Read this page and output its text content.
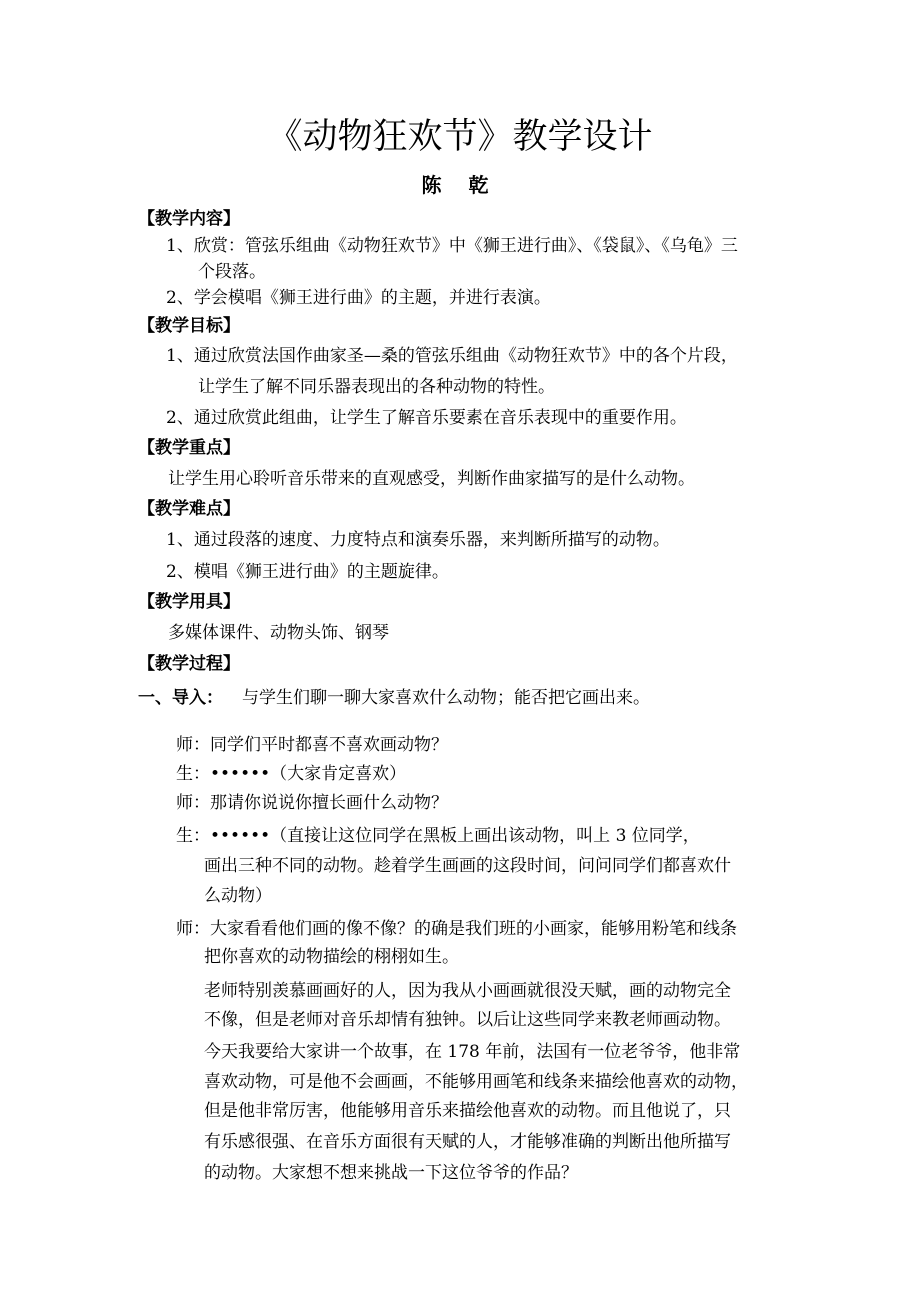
《动物狂欢节》教学设计
陈 乾
【教学内容】
1、欣赏：管弦乐组曲《动物狂欢节》中《狮王进行曲》、《袋鼠》、《乌龟》三
个段落。
2、学会模唱《狮王进行曲》的主题，并进行表演。
【教学目标】
1、通过欣赏法国作曲家圣—桑的管弦乐组曲《动物狂欢节》中的各个片段，
让学生了解不同乐器表现出的各种动物的特性。
2、通过欣赏此组曲，让学生了解音乐要素在音乐表现中的重要作用。
【教学重点】
让学生用心聆听音乐带来的直观感受，判断作曲家描写的是什么动物。
【教学难点】
1、通过段落的速度、力度特点和演奏乐器，来判断所描写的动物。
2、模唱《狮王进行曲》的主题旋律。
【教学用具】
多媒体课件、动物头饰、钢琴
【教学过程】
一、导入： 与学生们聊一聊大家喜欢什么动物；能否把它画出来。
师：同学们平时都喜不喜欢画动物？
生：••••••（大家肯定喜欢）
师：那请你说说你擅长画什么动物？
生：••••••（直接让这位同学在黑板上画出该动物，叫上 3 位同学，
画出三种不同的动物。趁着学生画画的这段时间，问问同学们都喜欢什
么动物）
师：大家看看他们画的像不像？的确是我们班的小画家，能够用粉笔和线条
把你喜欢的动物描绘的栩栩如生。
老师特别羡慕画画好的人，因为我从小画画就很没天赋，画的动物完全
不像，但是老师对音乐却情有独钟。以后让这些同学来教老师画动物。
今天我要给大家讲一个故事，在 178 年前，法国有一位老爷爷，他非常
喜欢动物，可是他不会画画，不能够用画笔和线条来描绘他喜欢的动物，
但是他非常厉害，他能够用音乐来描绘他喜欢的动物。而且他说了，只
有乐感很强、在音乐方面很有天赋的人，才能够准确的判断出他所描写
的动物。大家想不想来挑战一下这位爷爷的作品？
